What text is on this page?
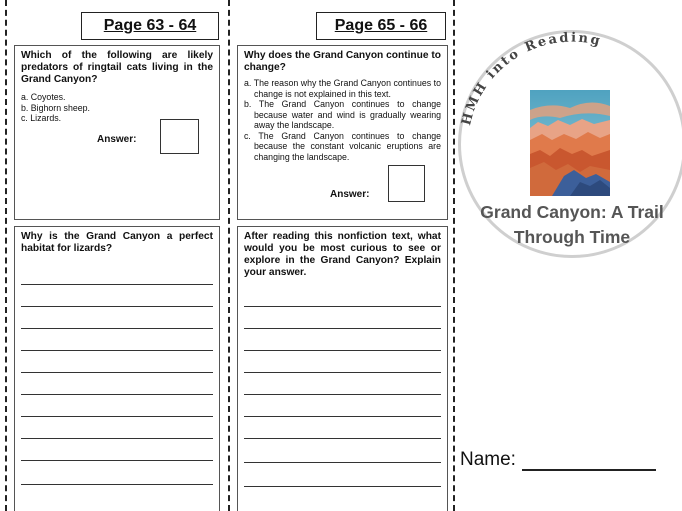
Page 63 - 64
Which of the following are likely predators of ringtail cats living in the Grand Canyon?
a. Coyotes.
b. Bighorn sheep.
c. Lizards.
Answer:
Why is the Grand Canyon a perfect habitat for lizards?
Page 65 - 66
Why does the Grand Canyon continue to change?
a. The reason why the Grand Canyon continues to change is not explained in this text.
b. The Grand Canyon continues to change because water and wind is gradually wearing away the landscape.
c. The Grand Canyon continues to change because the constant volcanic eruptions are changing the landscape.
Answer:
After reading this nonfiction text, what would you be most curious to see or explore in the Grand Canyon? Explain your answer.
HMH into Reading
Grand Canyon: A Trail
Through Time
Name:
